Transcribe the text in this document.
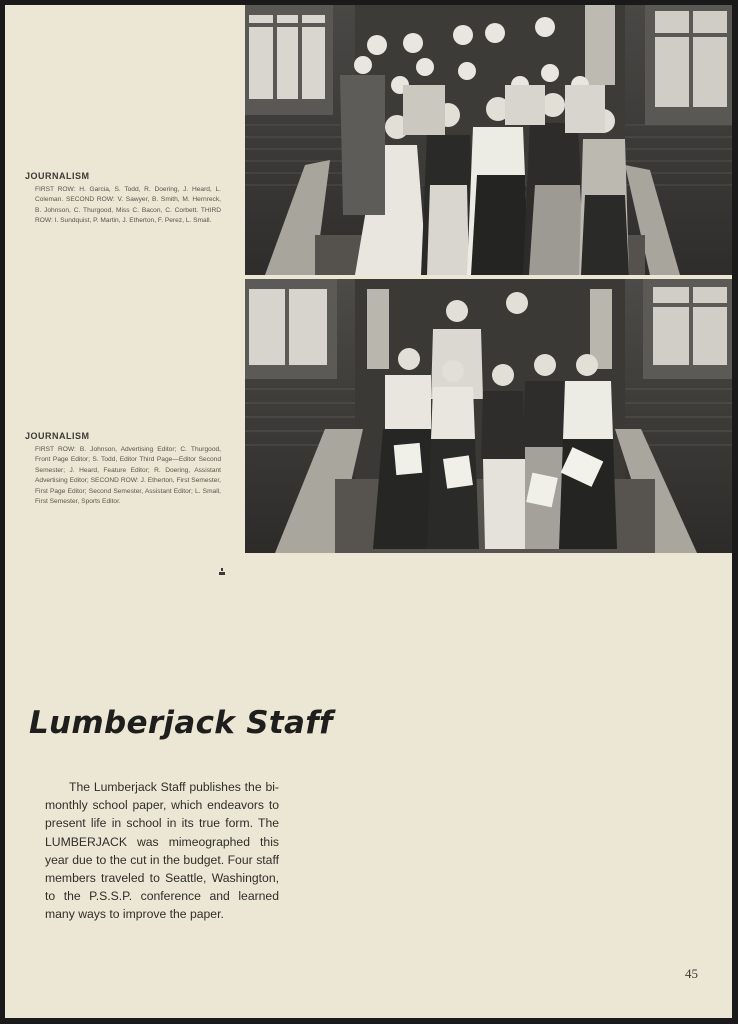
JOURNALISM

FIRST ROW: H. Garcia, S. Todd, R. Doering, J. Heard, L. Coleman. SECOND ROW: V. Sawyer, B. Smith, M. Hernreck, B. Johnson, C. Thurgood, Miss C. Bacon, C. Corbett. THIRD ROW: I. Sundquist, P. Martin, J. Etherton, F. Perez, L. Small.

JOURNALISM

FIRST ROW: B. Johnson, Advertising Editor; C. Thurgood, Front Page Editor; S. Todd, Editor Third Page—Editor Second Semester; J. Heard, Feature Editor; R. Doering, Assistant Advertising Editor; SECOND ROW: J. Etherton, First Semester, First Page Editor; Second Semester, Assistant Editor; L. Small, First Semester, Sports Editor.

Lumberjack Staff

The Lumberjack Staff publishes the bi-monthly school paper, which endeavors to present life in school in its true form. The LUMBERJACK was mimeographed this year due to the cut in the budget. Four staff members traveled to Seattle, Washington, to the P.S.S.P. conference and learned many ways to improve the paper.

45
